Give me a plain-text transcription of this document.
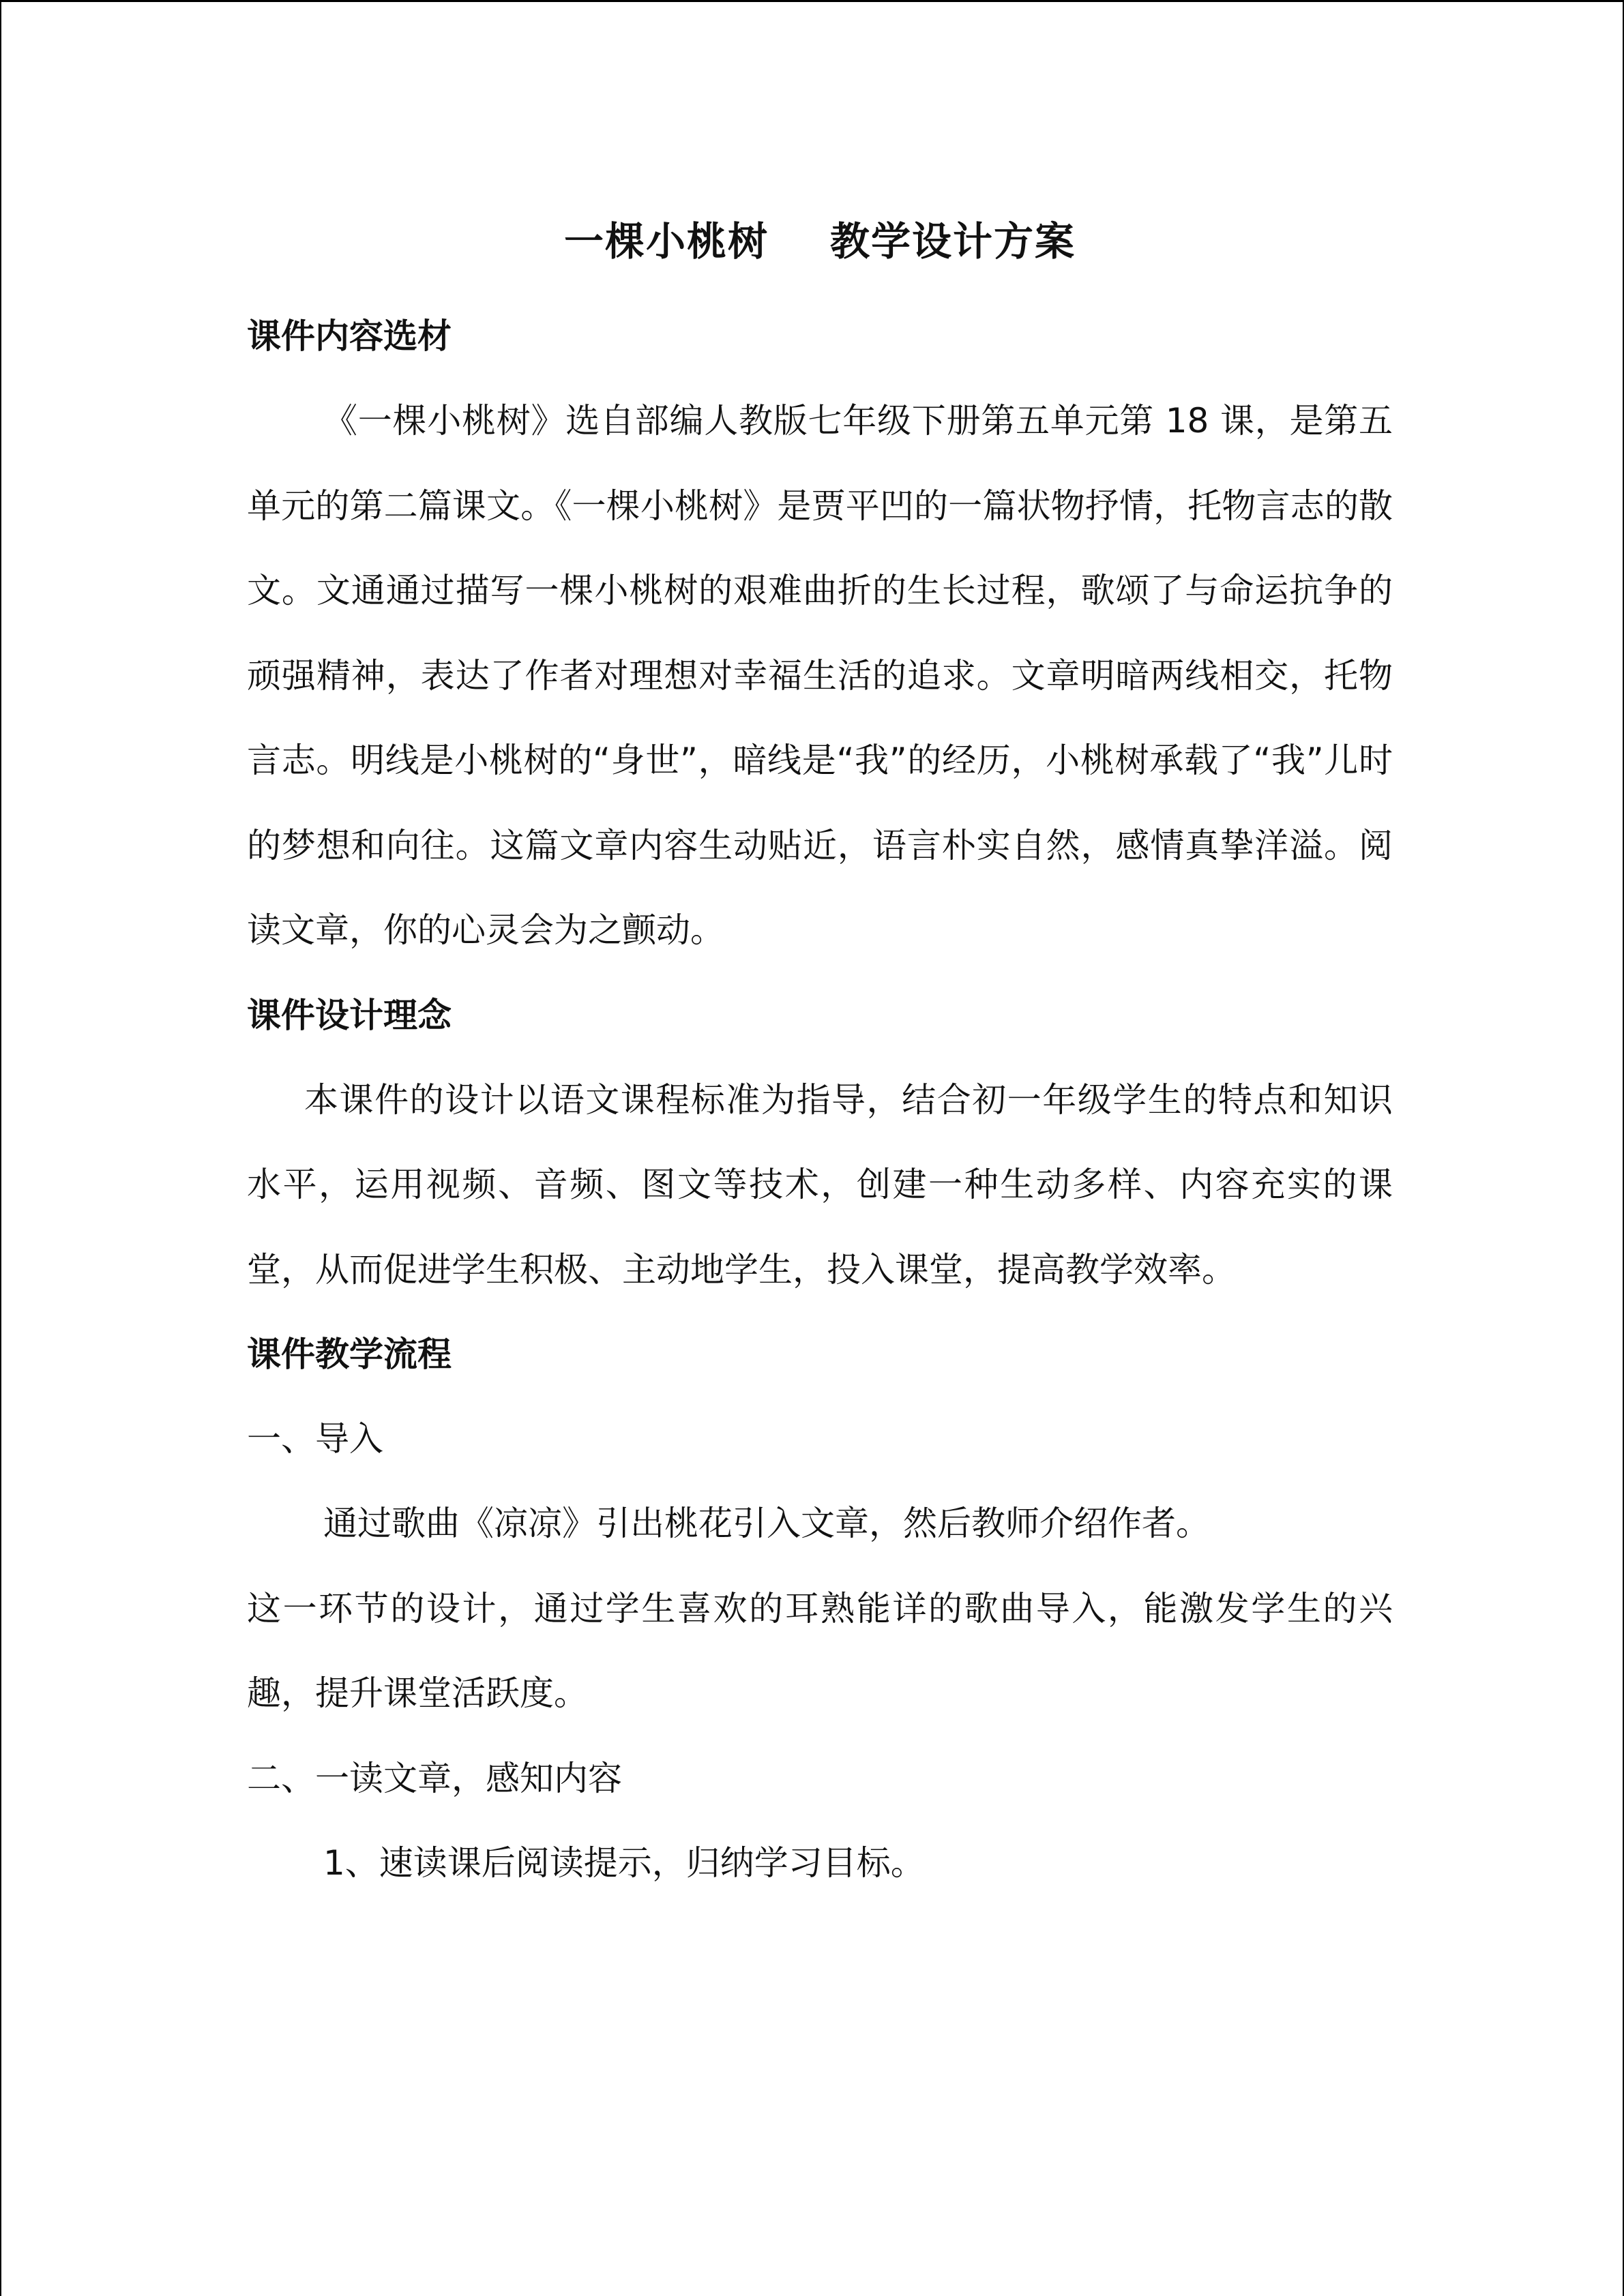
一棵小桃树 教学设计方案
课件内容选材

《一棵小桃树》选自部编人教版七年级下册第五单元第 18 课，是第五单元的第二篇课文。《一棵小桃树》是贾平凹的一篇状物抒情，托物言志的散文。文通通过描写一棵小桃树的艰难曲折的生长过程，歌颂了与命运抗争的顽强精神，表达了作者对理想对幸福生活的追求。文章明暗两线相交，托物言志。明线是小桃树的“身世”，暗线是“我”的经历，小桃树承载了“我”儿时的梦想和向往。这篇文章内容生动贴近，语言朴实自然，感情真挚洋溢。阅读文章，你的心灵会为之颤动。

课件设计理念

本课件的设计以语文课程标准为指导，结合初一年级学生的特点和知识水平，运用视频、音频、图文等技术，创建一种生动多样、内容充实的课堂，从而促进学生积极、主动地学生，投入课堂，提高教学效率。

课件教学流程

一、导入

通过歌曲《凉凉》引出桃花引入文章，然后教师介绍作者。

这一环节的设计，通过学生喜欢的耳熟能详的歌曲导入，能激发学生的兴趣，提升课堂活跃度。

二、一读文章，感知内容

1、速读课后阅读提示，归纳学习目标。
